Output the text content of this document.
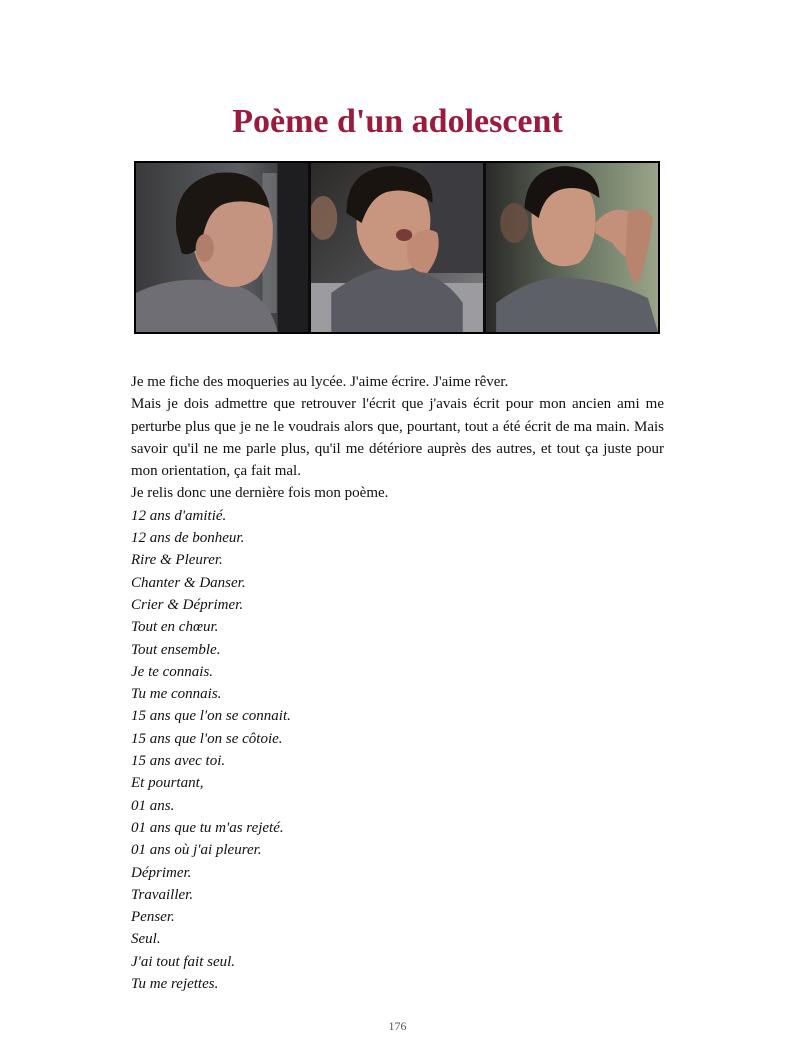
Poème d'un adolescent

Je me fiche des moqueries au lycée. J'aime écrire. J'aime rêver.

Mais je dois admettre que retrouver l'écrit que j'avais écrit pour mon ancien ami me perturbe plus que je ne le voudrais alors que, pourtant, tout a été écrit de ma main. Mais savoir qu'il ne me parle plus, qu'il me détériore auprès des autres, et tout ça juste pour mon orientation, ça fait mal.

Je relis donc une dernière fois mon poème.

12 ans d'amitié.
12 ans de bonheur.
Rire & Pleurer.
Chanter & Danser.
Crier & Déprimer.
Tout en chœur.
Tout ensemble.
Je te connais.
Tu me connais.
15 ans que l'on se connait.
15 ans que l'on se côtoie.
15 ans avec toi.
Et pourtant,
01 ans.
01 ans que tu m'as rejeté.
01 ans où j'ai pleurer.
Déprimer.
Travailler.
Penser.
Seul.
J'ai tout fait seul.
Tu me rejettes.
176
